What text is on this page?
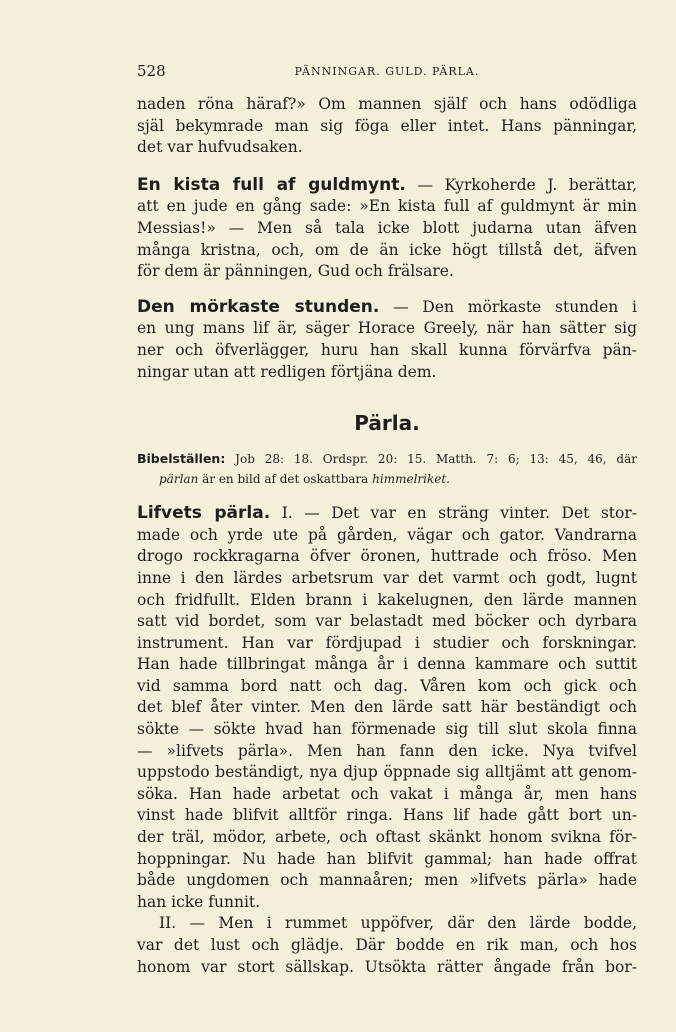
528	PÄNNINGAR. GULD. PÄRLA.
naden röna häraf?» Om mannen själf och hans odödliga
själ bekymrade man sig föga eller intet. Hans pänningar,
det var hufvudsaken.
En kista full af guldmynt. — Kyrkoherde J. berättar,
att en jude en gång sade: »En kista full af guldmynt är min
Messias!» — Men så tala icke blott judarna utan äfven
många kristna, och, om de än icke högt tillstå det, äfven
för dem är pänningen, Gud och frälsare.
Den mörkaste stunden. — Den mörkaste stunden i
en ung mans lif är, säger Horace Greely, när han sätter sig
ner och öfverlägger, huru han skall kunna förvärfva pän-
ningar utan att redligen förtjäna dem.
Pärla.
Bibelställen: Job 28: 18. Ordspr. 20: 15. Matth. 7: 6; 13: 45, 46, där
pärlan är en bild af det oskattbara himmelriket.
Lifvets pärla. I. — Det var en sträng vinter. Det stor-
made och yrde ute på gården, vägar och gator. Vandrarna
drogo rockkragarna öfver öronen, huttrade och fröso. Men
inne i den lärdes arbetsrum var det varmt och godt, lugnt
och fridfullt. Elden brann i kakelugnen, den lärde mannen
satt vid bordet, som var belastadt med böcker och dyrbara
instrument. Han var fördjupad i studier och forskningar.
Han hade tillbringat många år i denna kammare och suttit
vid samma bord natt och dag. Våren kom och gick och
det blef åter vinter. Men den lärde satt här beständigt och
sökte — sökte hvad han förmenade sig till slut skola finna
— »lifvets pärla». Men han fann den icke. Nya tvifvel
uppstodo beständigt, nya djup öppnade sig alltjämt att genom-
söka. Han hade arbetat och vakat i många år, men hans
vinst hade blifvit alltför ringa. Hans lif hade gått bort un-
der träl, mödor, arbete, och oftast skänkt honom svikna för-
hoppningar. Nu hade han blifvit gammal; han hade offrat
både ungdomen och mannaåren; men »lifvets pärla» hade
han icke funnit.
II. — Men i rummet uppöfver, där den lärde bodde,
var det lust och glädje. Där bodde en rik man, och hos
honom var stort sällskap. Utsökta rätter ångade från bor-
